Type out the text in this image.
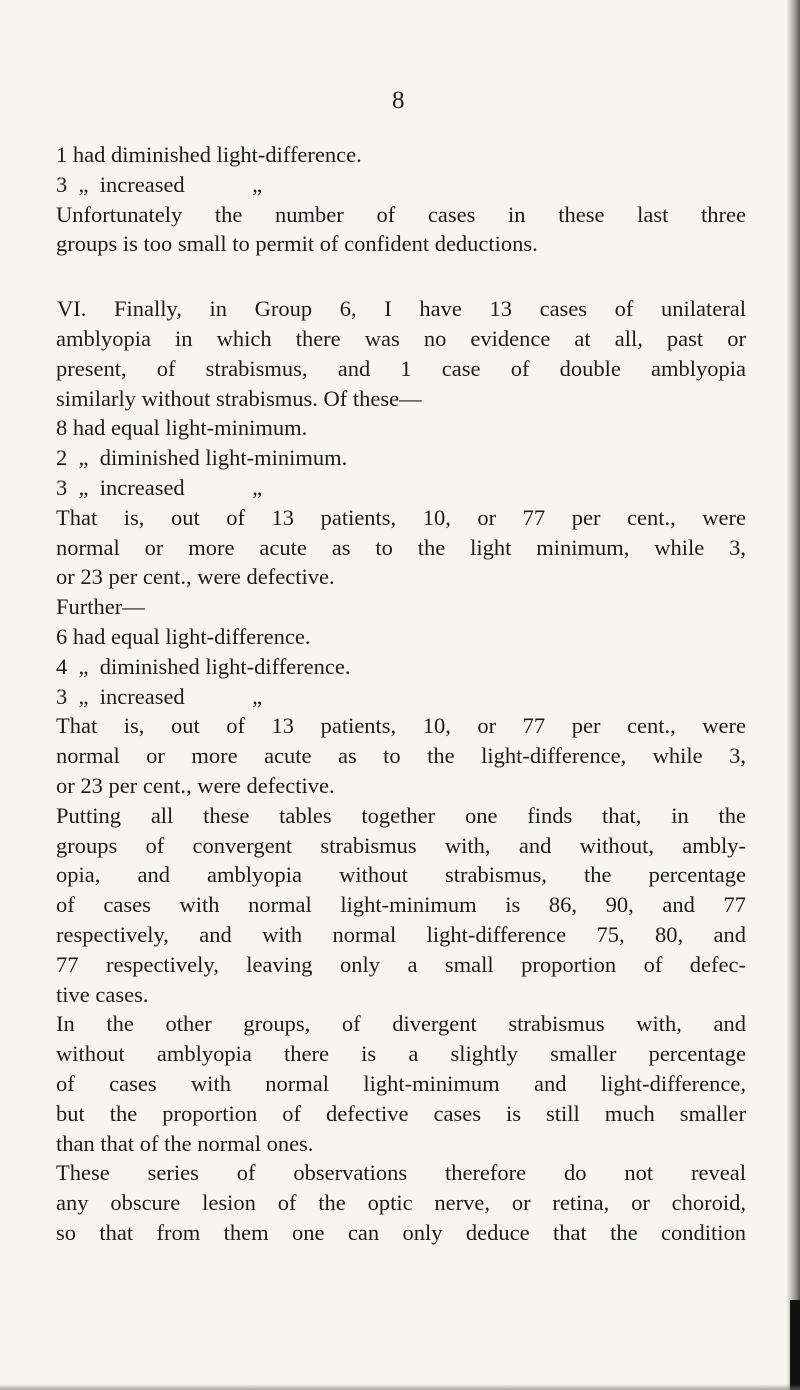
8
1 had diminished light-difference.
3  „  increased            „
Unfortunately the number of cases in these last three
groups is too small to permit of confident deductions.
VI. Finally, in Group 6, I have 13 cases of unilateral
amblyopia in which there was no evidence at all, past or
present, of strabismus, and 1 case of double amblyopia
similarly without strabismus. Of these—
8 had equal light-minimum.
2  „  diminished light-minimum.
3  „  increased            „
That is, out of 13 patients, 10, or 77 per cent., were
normal or more acute as to the light minimum, while 3,
or 23 per cent., were defective.
Further—
6 had equal light-difference.
4  „  diminished light-difference.
3  „  increased            „
That is, out of 13 patients, 10, or 77 per cent., were
normal or more acute as to the light-difference, while 3,
or 23 per cent., were defective.
Putting all these tables together one finds that, in the
groups of convergent strabismus with, and without, ambly-
opia, and amblyopia without strabismus, the percentage
of cases with normal light-minimum is 86, 90, and 77
respectively, and with normal light-difference 75, 80, and
77 respectively, leaving only a small proportion of defec-
tive cases.
In the other groups, of divergent strabismus with, and
without amblyopia there is a slightly smaller percentage
of cases with normal light-minimum and light-difference,
but the proportion of defective cases is still much smaller
than that of the normal ones.
These series of observations therefore do not reveal
any obscure lesion of the optic nerve, or retina, or choroid,
so that from them one can only deduce that the condition
